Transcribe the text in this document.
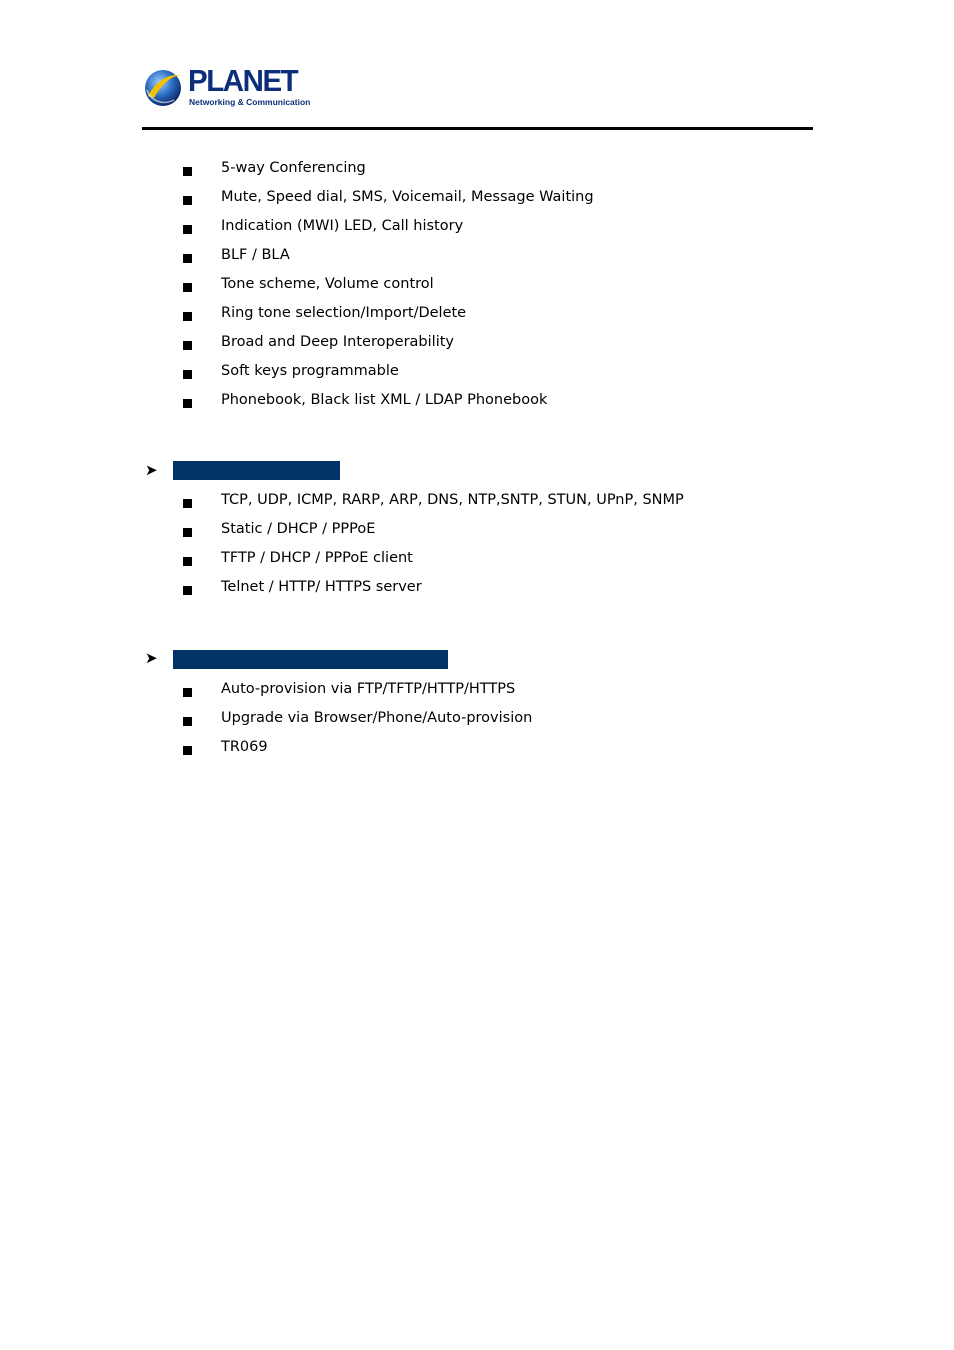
PLANET
Networking & Communication
5-way Conferencing
Mute, Speed dial, SMS, Voicemail, Message Waiting
Indication (MWI) LED, Call history
BLF / BLA
Tone scheme, Volume control
Ring tone selection/Import/Delete
Broad and Deep Interoperability
Soft keys programmable
Phonebook, Black list XML / LDAP Phonebook
➤
TCP, UDP, ICMP, RARP, ARP, DNS, NTP,SNTP, STUN, UPnP, SNMP
Static / DHCP / PPPoE
TFTP / DHCP / PPPoE client
Telnet / HTTP/ HTTPS server
➤
Auto-provision via FTP/TFTP/HTTP/HTTPS
Upgrade via Browser/Phone/Auto-provision
TR069
